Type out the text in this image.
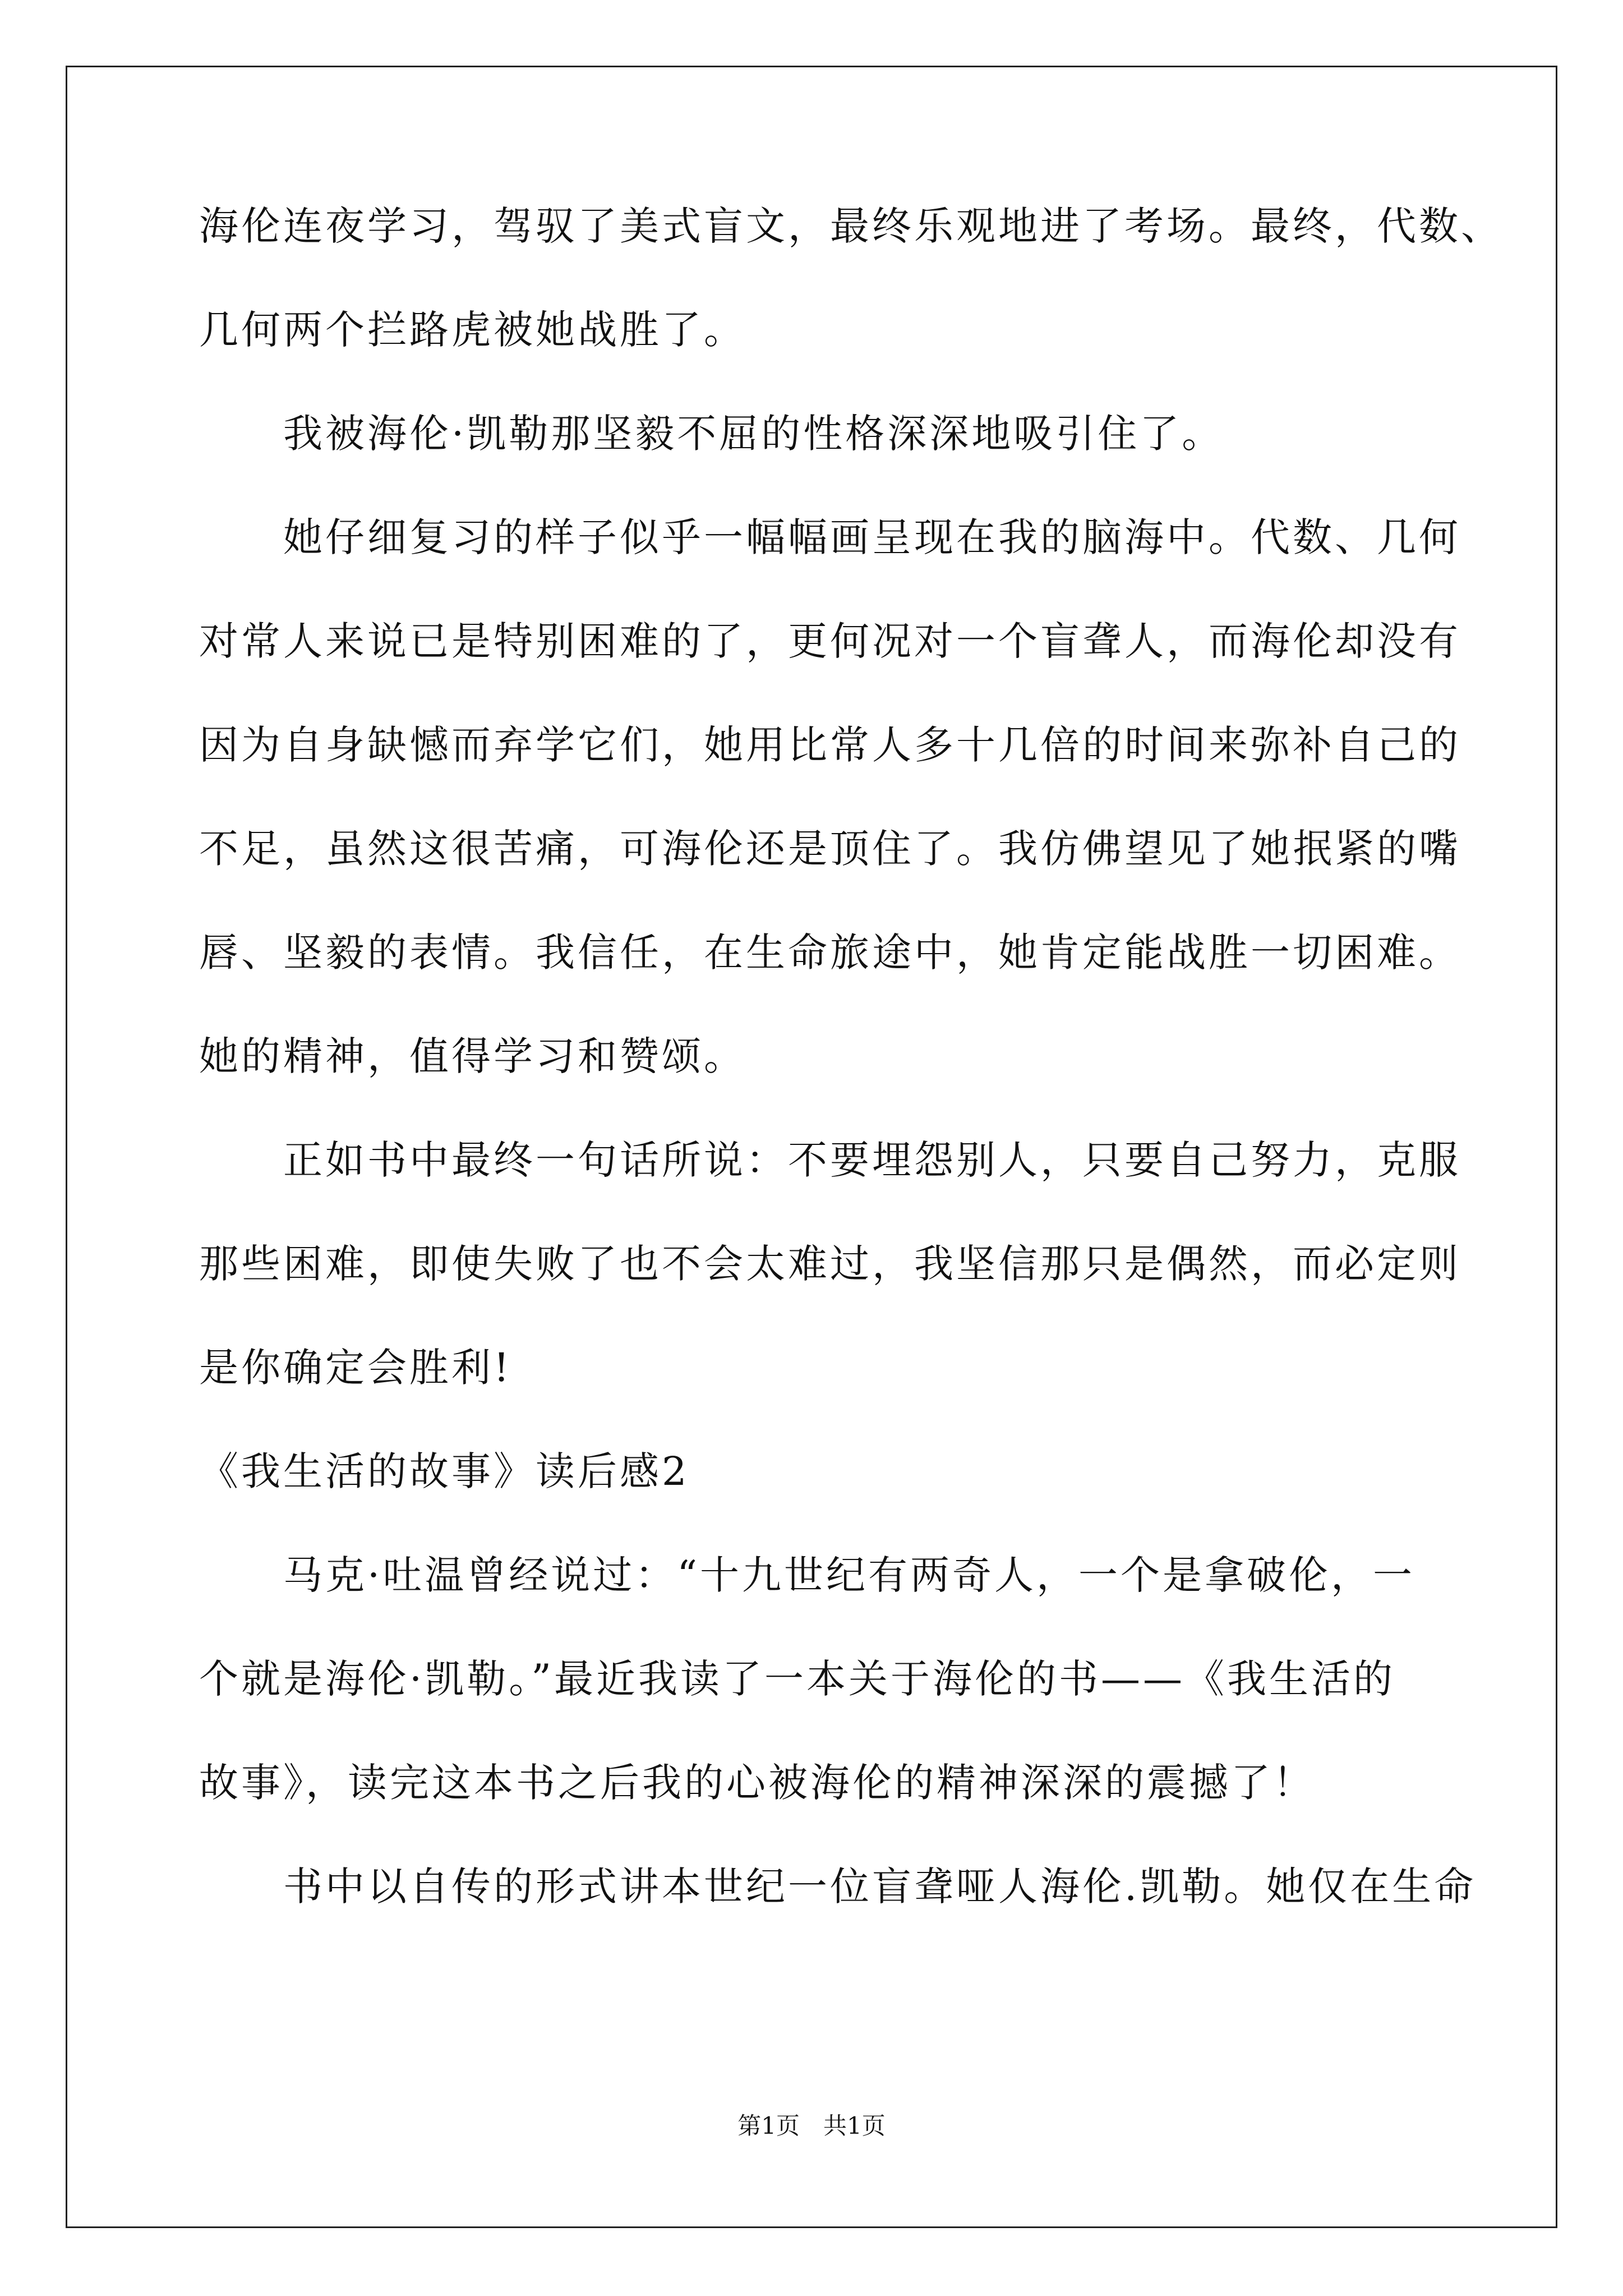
海伦连夜学习，驾驭了美式盲文，最终乐观地进了考场。最终，代数、
几何两个拦路虎被她战胜了。
我被海伦·凯勒那坚毅不屈的性格深深地吸引住了。
她仔细复习的样子似乎一幅幅画呈现在我的脑海中。代数、几何
对常人来说已是特别困难的了，更何况对一个盲聋人，而海伦却没有
因为自身缺憾而弃学它们，她用比常人多十几倍的时间来弥补自己的
不足，虽然这很苦痛，可海伦还是顶住了。我仿佛望见了她抿紧的嘴
唇、坚毅的表情。我信任，在生命旅途中，她肯定能战胜一切困难。
她的精神，值得学习和赞颂。
正如书中最终一句话所说：不要埋怨别人，只要自己努力，克服
那些困难，即使失败了也不会太难过，我坚信那只是偶然，而必定则
是你确定会胜利!
《我生活的故事》读后感2
马克·吐温曾经说过：“十九世纪有两奇人，一个是拿破伦，一
个就是海伦·凯勒。”最近我读了一本关于海伦的书——《我生活的
故事》，读完这本书之后我的心被海伦的精神深深的震撼了！
书中以自传的形式讲本世纪一位盲聋哑人海伦.凯勒。她仅在生命
第1页　共1页
